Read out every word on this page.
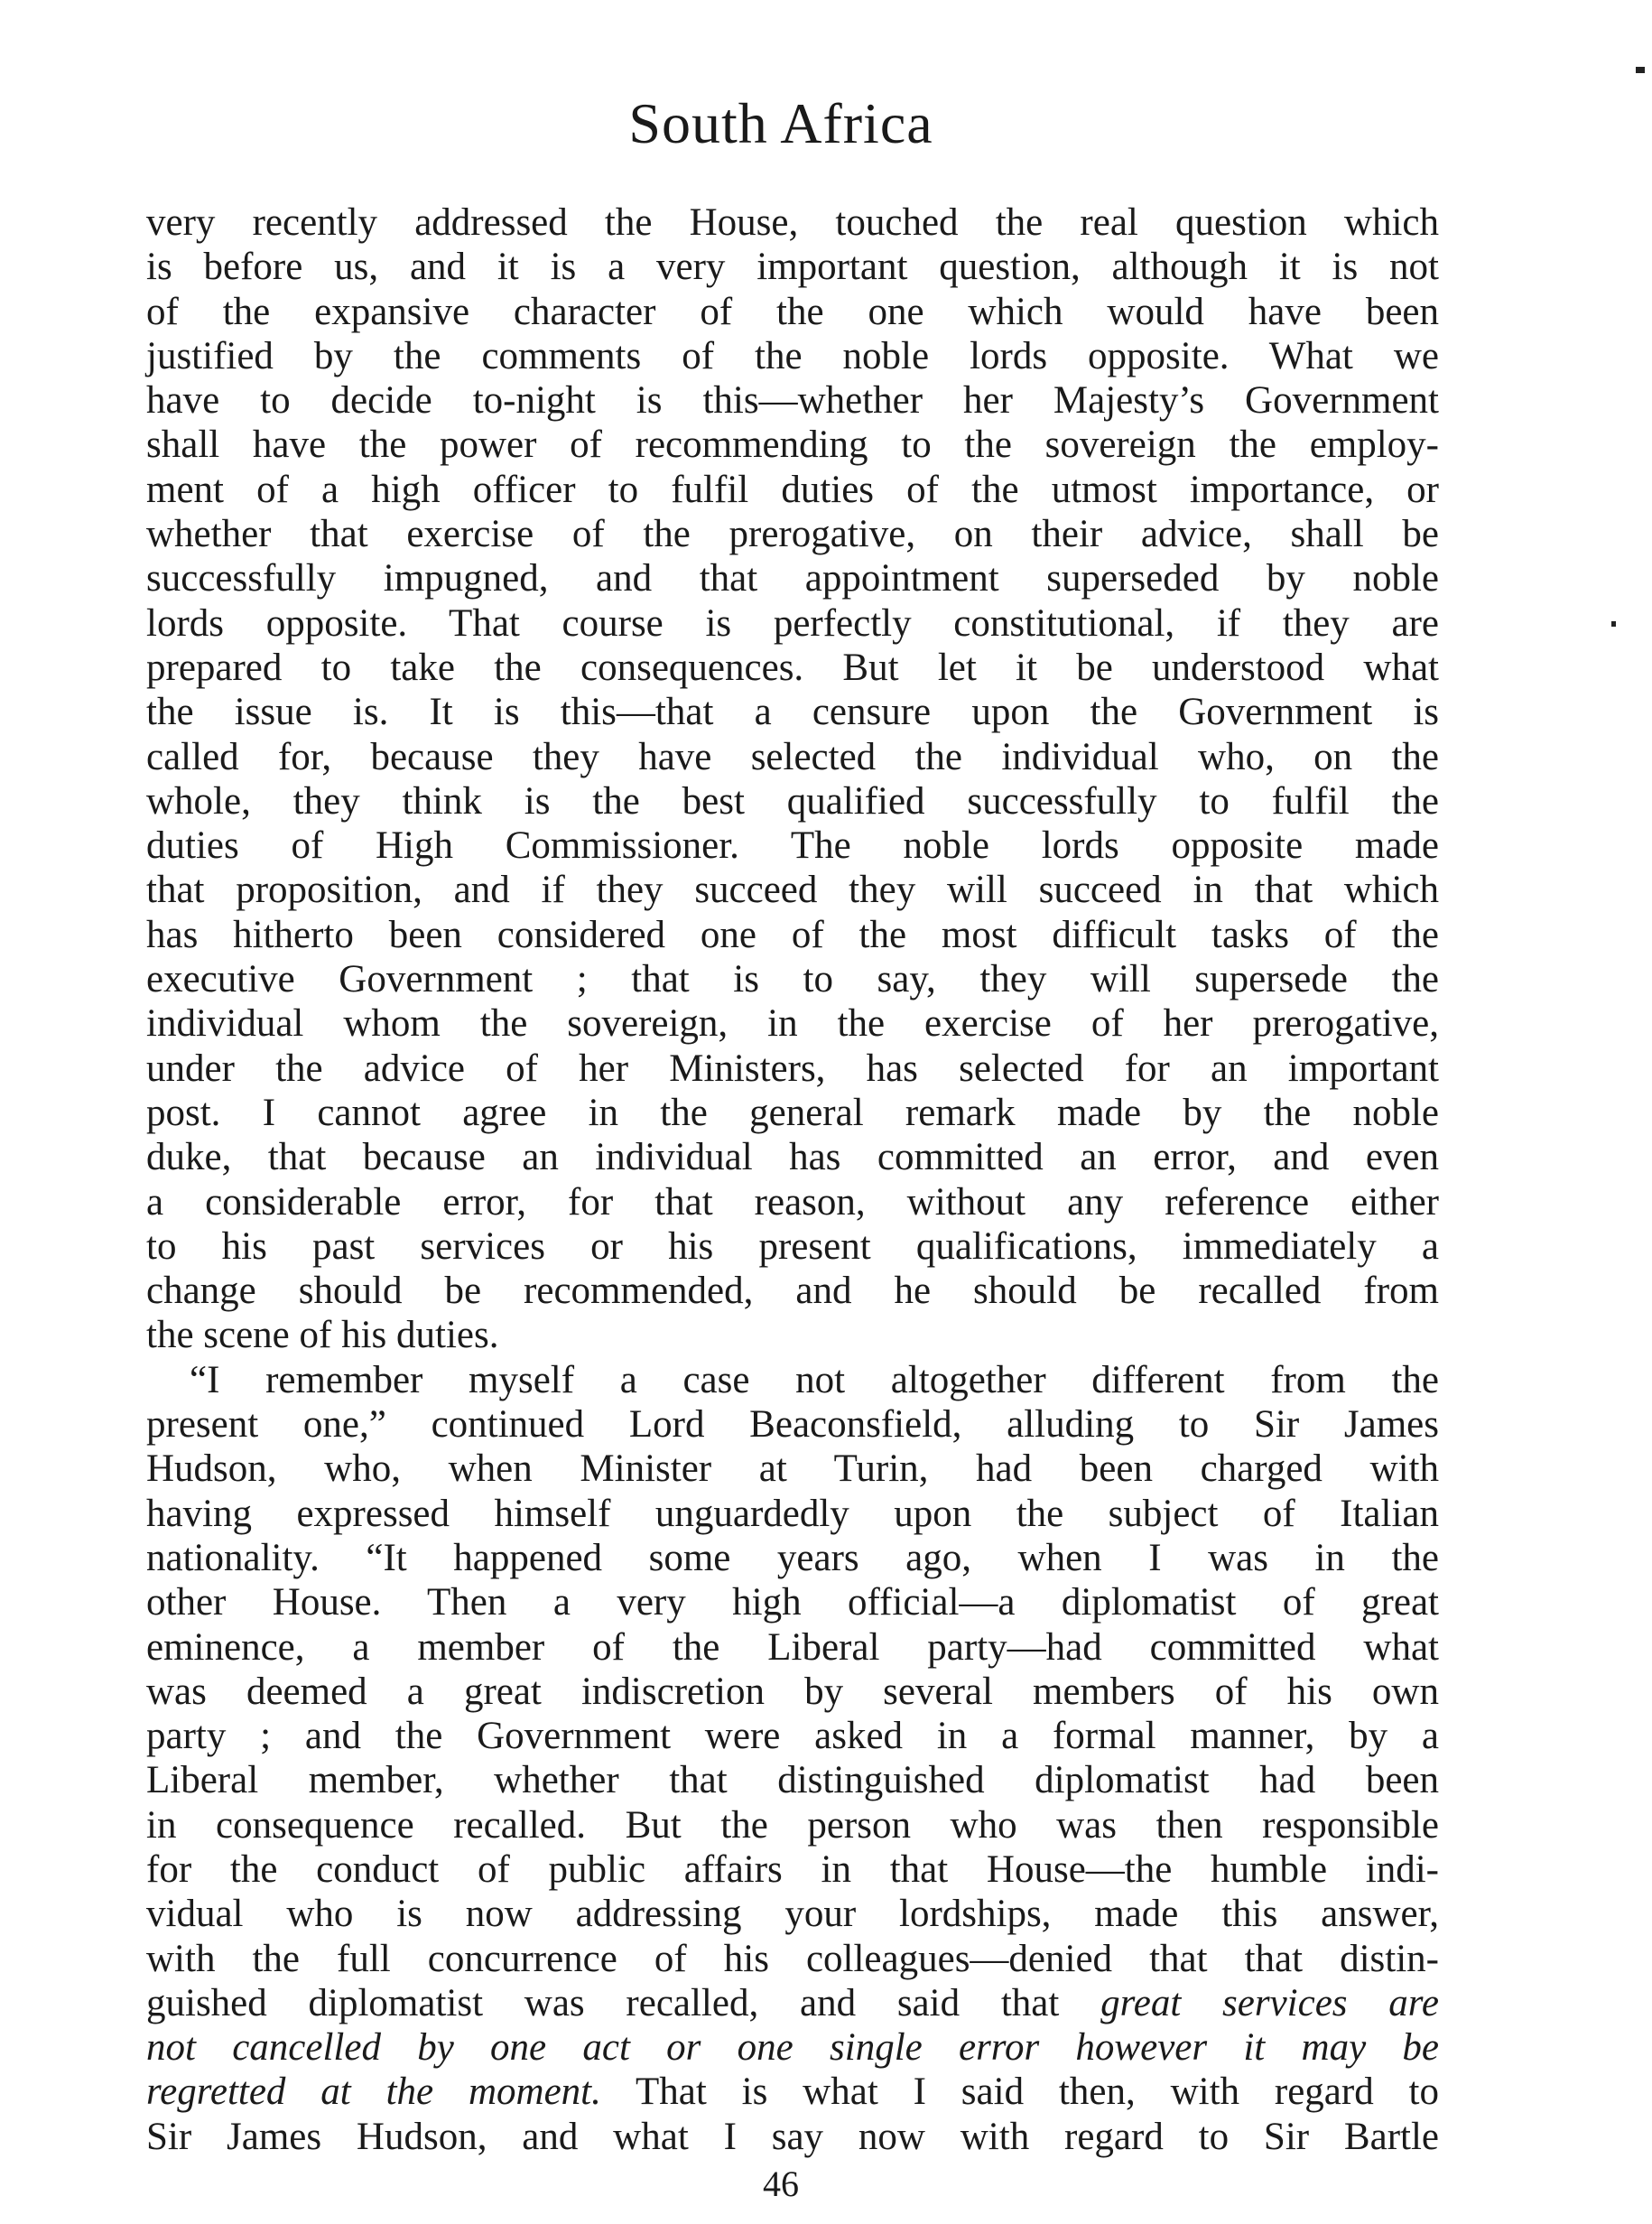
South Africa
very recently addressed the House, touched the real question which
is before us, and it is a very important question, although it is not
of the expansive character of the one which would have been
justified by the comments of the noble lords opposite. What we
have to decide to-night is this—whether her Majesty’s Government
shall have the power of recommending to the sovereign the employ-
ment of a high officer to fulfil duties of the utmost importance, or
whether that exercise of the prerogative, on their advice, shall be
successfully impugned, and that appointment superseded by noble
lords opposite. That course is perfectly constitutional, if they are
prepared to take the consequences. But let it be understood what
the issue is. It is this—that a censure upon the Government is
called for, because they have selected the individual who, on the
whole, they think is the best qualified successfully to fulfil the
duties of High Commissioner. The noble lords opposite made
that proposition, and if they succeed they will succeed in that which
has hitherto been considered one of the most difficult tasks of the
executive Government ; that is to say, they will supersede the
individual whom the sovereign, in the exercise of her prerogative,
under the advice of her Ministers, has selected for an important
post. I cannot agree in the general remark made by the noble
duke, that because an individual has committed an error, and even
a considerable error, for that reason, without any reference either
to his past services or his present qualifications, immediately a
change should be recommended, and he should be recalled from
the scene of his duties.
“I remember myself a case not altogether different from the
present one,” continued Lord Beaconsfield, alluding to Sir James
Hudson, who, when Minister at Turin, had been charged with
having expressed himself unguardedly upon the subject of Italian
nationality. “It happened some years ago, when I was in the
other House. Then a very high official—a diplomatist of great
eminence, a member of the Liberal party—had committed what
was deemed a great indiscretion by several members of his own
party ; and the Government were asked in a formal manner, by a
Liberal member, whether that distinguished diplomatist had been
in consequence recalled. But the person who was then responsible
for the conduct of public affairs in that House—the humble indi-
vidual who is now addressing your lordships, made this answer,
with the full concurrence of his colleagues—denied that that distin-
guished diplomatist was recalled, and said that great services are
not cancelled by one act or one single error however it may be
regretted at the moment. That is what I said then, with regard to
Sir James Hudson, and what I say now with regard to Sir Bartle
46
